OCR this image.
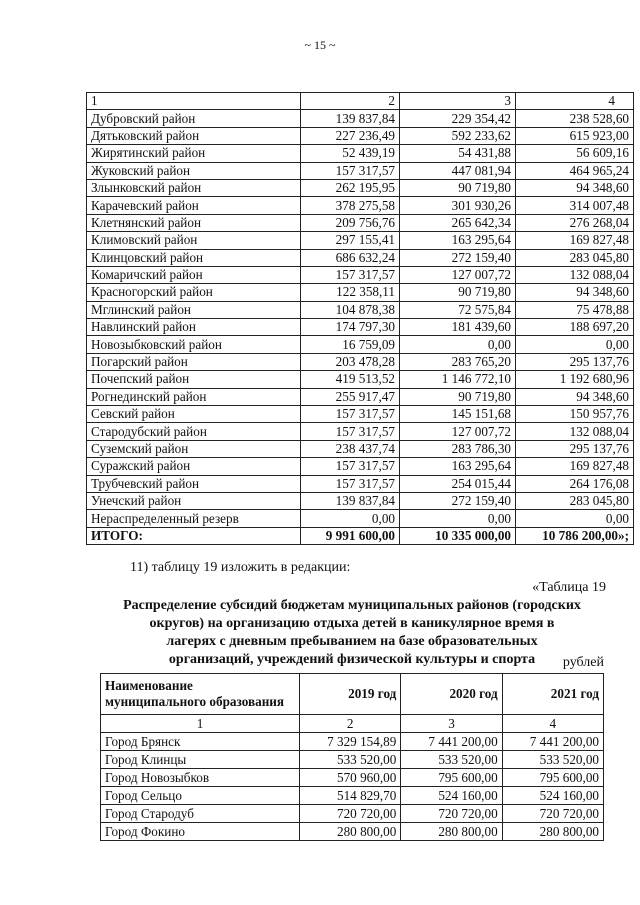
~ 15 ~
1	2	3	4
Дубровский район	139 837,84	229 354,42	238 528,60
Дятьковский район	227 236,49	592 233,62	615 923,00
Жирятинский район	52 439,19	54 431,88	56 609,16
Жуковский район	157 317,57	447 081,94	464 965,24
Злынковский район	262 195,95	90 719,80	94 348,60
Карачевский район	378 275,58	301 930,26	314 007,48
Клетнянский район	209 756,76	265 642,34	276 268,04
Климовский район	297 155,41	163 295,64	169 827,48
Клинцовский район	686 632,24	272 159,40	283 045,80
Комаричский район	157 317,57	127 007,72	132 088,04
Красногорский район	122 358,11	90 719,80	94 348,60
Мглинский район	104 878,38	72 575,84	75 478,88
Навлинский район	174 797,30	181 439,60	188 697,20
Новозыбковский район	16 759,09	0,00	0,00
Погарский район	203 478,28	283 765,20	295 137,76
Почепский район	419 513,52	1 146 772,10	1 192 680,96
Рогнединский район	255 917,47	90 719,80	94 348,60
Севский район	157 317,57	145 151,68	150 957,76
Стародубский район	157 317,57	127 007,72	132 088,04
Суземский район	238 437,74	283 786,30	295 137,76
Суражский район	157 317,57	163 295,64	169 827,48
Трубчевский район	157 317,57	254 015,44	264 176,08
Унечский район	139 837,84	272 159,40	283 045,80
Нераспределенный резерв	0,00	0,00	0,00
ИТОГО:	9 991 600,00	10 335 000,00	10 786 200,00»;
11) таблицу 19 изложить в редакции:
«Таблица 19
Распределение субсидий бюджетам муниципальных районов (городских
округов) на организацию отдыха детей в каникулярное время в
лагерях с дневным пребыванием на базе образовательных
организаций, учреждений физической культуры и спорта	рублей
Наименование муниципального образования	2019 год	2020 год	2021 год
1	2	3	4
Город Брянск	7 329 154,89	7 441 200,00	7 441 200,00
Город Клинцы	533 520,00	533 520,00	533 520,00
Город Новозыбков	570 960,00	795 600,00	795 600,00
Город Сельцо	514 829,70	524 160,00	524 160,00
Город Стародуб	720 720,00	720 720,00	720 720,00
Город Фокино	280 800,00	280 800,00	280 800,00
